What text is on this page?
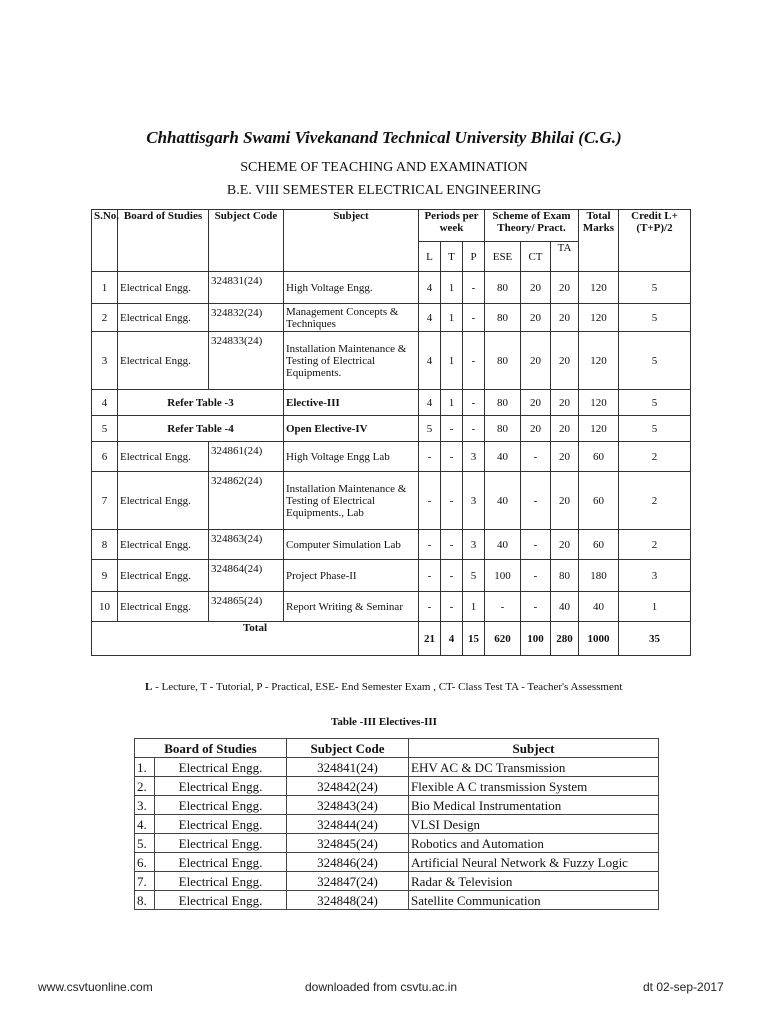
Chhattisgarh Swami Vivekanand Technical University Bhilai (C.G.)
SCHEME OF TEACHING AND EXAMINATION
B.E. VIII SEMESTER ELECTRICAL ENGINEERING
S.No.	Board of Studies	Subject Code	Subject	Periods per week			Scheme of Exam Theory/ Pract.			Total Marks	Credit L+(T+P)/2
				L	T	P	ESE	CT	TA		
1	Electrical Engg.	324831(24)	High Voltage Engg.	4	1	-	80	20	20	120	5
2	Electrical Engg.	324832(24)	Management Concepts & Techniques	4	1	-	80	20	20	120	5
3	Electrical Engg.	324833(24)	Installation Maintenance & Testing of Electrical Equipments.	4	1	-	80	20	20	120	5
4	Refer Table -3		Elective-III	4	1	-	80	20	20	120	5
5	Refer Table -4		Open Elective-IV	5	-	-	80	20	20	120	5
6	Electrical Engg.	324861(24)	High Voltage Engg Lab	-	-	3	40	-	20	60	2
7	Electrical Engg.	324862(24)	Installation Maintenance & Testing of Electrical Equipments., Lab	-	-	3	40	-	20	60	2
8	Electrical Engg.	324863(24)	Computer Simulation Lab	-	-	3	40	-	20	60	2
9	Electrical Engg.	324864(24)	Project Phase-II	-	-	5	100	-	80	180	3
10	Electrical Engg.	324865(24)	Report Writing & Seminar	-	-	1	-	-	40	40	1
Total				21	4	15	620	100	280	1000	35
L - Lecture, T - Tutorial, P - Practical, ESE- End Semester Exam , CT- Class Test TA - Teacher's Assessment
Table -III Electives-III
Board of Studies		Subject Code	Subject
1.	Electrical Engg.	324841(24)	EHV AC & DC Transmission
2.	Electrical Engg.	324842(24)	Flexible A C transmission System
3.	Electrical Engg.	324843(24)	Bio Medical Instrumentation
4.	Electrical Engg.	324844(24)	VLSI Design
5.	Electrical Engg.	324845(24)	Robotics and Automation
6.	Electrical Engg.	324846(24)	Artificial Neural Network & Fuzzy Logic
7.	Electrical Engg.	324847(24)	Radar & Television
8.	Electrical Engg.	324848(24)	Satellite Communication
www.csvtuonline.com	downloaded from csvtu.ac.in	dt 02-sep-2017
